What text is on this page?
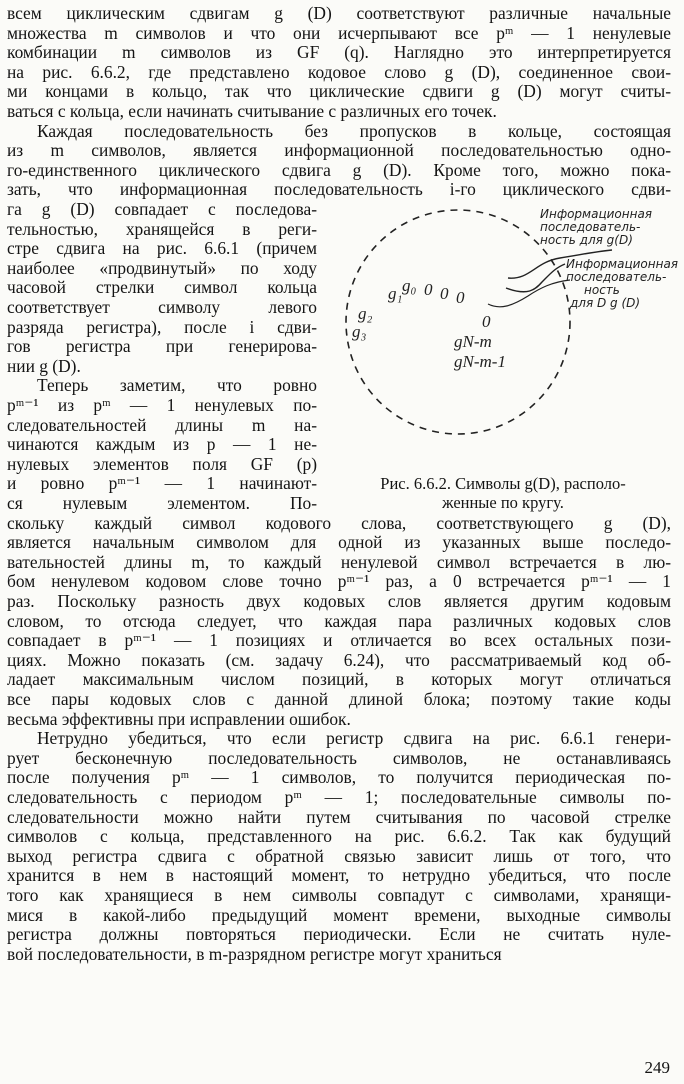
всем циклическим сдвигам g (D) соответствуют различные начальные
множества m символов и что они исчерпывают все pᵐ — 1 ненулевые
комбинации m символов из GF (q). Наглядно это интерпретируется
на рис. 6.6.2, где представлено кодовое слово g (D), соединенное свои-
ми концами в кольцо, так что циклические сдвиги g (D) могут считы-
ваться с кольца, если начинать считывание с различных его точек.
Каждая последовательность без пропусков в кольце, состоящая
из m символов, является информационной последовательностью одно-
го-единственного циклического сдвига g (D). Кроме того, можно пока-
зать, что информационная последовательность i-го циклического сдви-
га g (D) совпадает с последова-
тельностью, хранящейся в реги-
стре сдвига на рис. 6.6.1 (причем
наиболее «продвинутый» по ходу
часовой стрелки символ кольца
соответствует символу левого
разряда регистра), после i сдви-
гов регистра при генерирова-
нии g (D).
Теперь заметим, что ровно
pᵐ⁻¹ из pᵐ — 1 ненулевых по-
следовательностей длины m на-
чинаются каждым из p — 1 не-
нулевых элементов поля GF (p)
и ровно pᵐ⁻¹ — 1 начинают-
ся нулевым элементом. По-
Информационная
последователь-
ность для g(D)
Информационная
последователь-
ность
для D g (D)
g₁ g₀ 0 0 0
g₂
g₃
0
gN-m
gN-m-1
Рис. 6.6.2. Символы g(D), располо-
женные по кругу.
скольку каждый символ кодового слова, соответствующего g (D),
является начальным символом для одной из указанных выше последо-
вательностей длины m, то каждый ненулевой символ встречается в лю-
бом ненулевом кодовом слове точно pᵐ⁻¹ раз, а 0 встречается pᵐ⁻¹ — 1
раз. Поскольку разность двух кодовых слов является другим кодовым
словом, то отсюда следует, что каждая пара различных кодовых слов
совпадает в pᵐ⁻¹ — 1 позициях и отличается во всех остальных пози-
циях. Можно показать (см. задачу 6.24), что рассматриваемый код об-
ладает максимальным числом позиций, в которых могут отличаться
все пары кодовых слов с данной длиной блока; поэтому такие коды
весьма эффективны при исправлении ошибок.
Нетрудно убедиться, что если регистр сдвига на рис. 6.6.1 генери-
рует бесконечную последовательность символов, не останавливаясь
после получения pᵐ — 1 символов, то получится периодическая по-
следовательность с периодом pᵐ — 1; последовательные символы по-
следовательности можно найти путем считывания по часовой стрелке
символов с кольца, представленного на рис. 6.6.2. Так как будущий
выход регистра сдвига с обратной связью зависит лишь от того, что
хранится в нем в настоящий момент, то нетрудно убедиться, что после
того как хранящиеся в нем символы совпадут с символами, хранящи-
мися в какой-либо предыдущий момент времени, выходные символы
регистра должны повторяться периодически. Если не считать нуле-
вой последовательности, в m-разрядном регистре могут храниться
249
